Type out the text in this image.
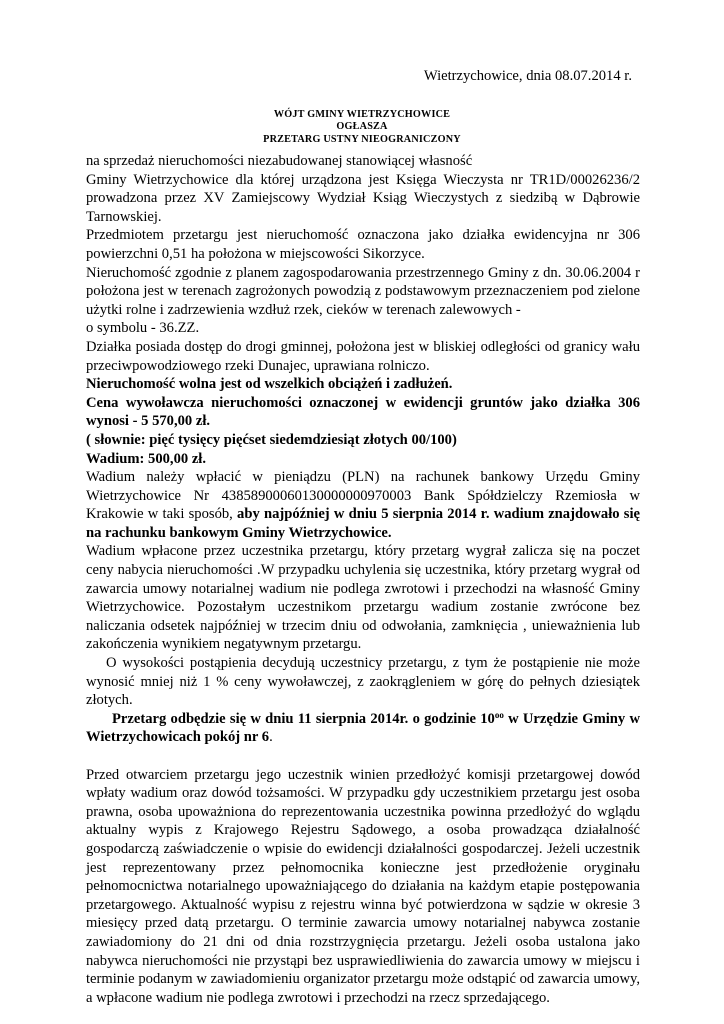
Wietrzychowice, dnia 08.07.2014 r.
WÓJT GMINY WIETRZYCHOWICE
OGŁASZA
PRZETARG USTNY NIEOGRANICZONY

na sprzedaż nieruchomości niezabudowanej stanowiącej własność

Gminy Wietrzychowice dla której urządzona jest Księga Wieczysta nr TR1D/00026236/2 prowadzona przez XV Zamiejscowy Wydział Ksiąg Wieczystych z siedzibą w Dąbrowie Tarnowskiej.

Przedmiotem przetargu jest nieruchomość oznaczona jako działka ewidencyjna nr 306 powierzchni 0,51 ha położona w miejscowości Sikorzyce.

Nieruchomość zgodnie z planem zagospodarowania przestrzennego Gminy z dn. 30.06.2004 r położona jest w terenach zagrożonych powodzią z podstawowym przeznaczeniem pod zielone użytki rolne i zadrzewienia wzdłuż rzek, cieków w terenach zalewowych -

o symbolu - 36.ZZ.

Działka posiada dostęp do drogi gminnej, położona jest w bliskiej odległości od granicy wału przeciwpowodziowego rzeki Dunajec, uprawiana rolniczo.

Nieruchomość wolna jest od wszelkich obciążeń i zadłużeń.

Cena wywoławcza nieruchomości oznaczonej w ewidencji gruntów jako działka 306 wynosi - 5 570,00 zł.

( słownie: pięć tysięcy pięćset siedemdziesiąt złotych 00/100)

Wadium: 500,00 zł.

Wadium należy wpłacić w pieniądzu (PLN) na rachunek bankowy Urzędu Gminy Wietrzychowice Nr 43858900060130000000970003 Bank Spółdzielczy Rzemiosła w Krakowie w taki sposób, aby najpóźniej w dniu 5 sierpnia 2014 r. wadium znajdowało się na rachunku bankowym Gminy Wietrzychowice.

Wadium wpłacone przez uczestnika przetargu, który przetarg wygrał zalicza się na poczet ceny nabycia nieruchomości .W przypadku uchylenia się uczestnika, który przetarg wygrał od zawarcia umowy notarialnej wadium nie podlega zwrotowi i przechodzi na własność Gminy Wietrzychowice. Pozostałym uczestnikom przetargu wadium zostanie zwrócone bez naliczania odsetek najpóźniej w trzecim dniu od odwołania, zamknięcia , unieważnienia lub zakończenia wynikiem negatywnym przetargu.

O wysokości postąpienia decydują uczestnicy przetargu, z tym że postąpienie nie może wynosić mniej niż 1 % ceny wywoławczej, z zaokrągleniem w górę do pełnych dziesiątek złotych.

Przetarg odbędzie się w dniu 11 sierpnia 2014r. o godzinie $10^{oo}$ w Urzędzie Gminy w Wietrzychowicach pokój nr 6.

Przed otwarciem przetargu jego uczestnik winien przedłożyć komisji przetargowej dowód wpłaty wadium oraz dowód tożsamości. W przypadku gdy uczestnikiem przetargu jest osoba prawna, osoba upoważniona do reprezentowania uczestnika powinna przedłożyć do wglądu aktualny wypis z Krajowego Rejestru Sądowego, a osoba prowadząca działalność gospodarczą zaświadczenie o wpisie do ewidencji działalności gospodarczej. Jeżeli uczestnik jest reprezentowany przez pełnomocnika konieczne jest przedłożenie oryginału pełnomocnictwa notarialnego upoważniającego do działania na każdym etapie postępowania przetargowego. Aktualność wypisu z rejestru winna być potwierdzona w sądzie w okresie 3 miesięcy przed datą przetargu. O terminie zawarcia umowy notarialnej nabywca zostanie zawiadomiony do 21 dni od dnia rozstrzygnięcia przetargu. Jeżeli osoba ustalona jako nabywca nieruchomości nie przystąpi bez usprawiedliwienia do zawarcia umowy w miejscu i terminie podanym w zawiadomieniu organizator przetargu może odstąpić od zawarcia umowy, a wpłacone wadium nie podlega zwrotowi i przechodzi na rzecz sprzedającego.
